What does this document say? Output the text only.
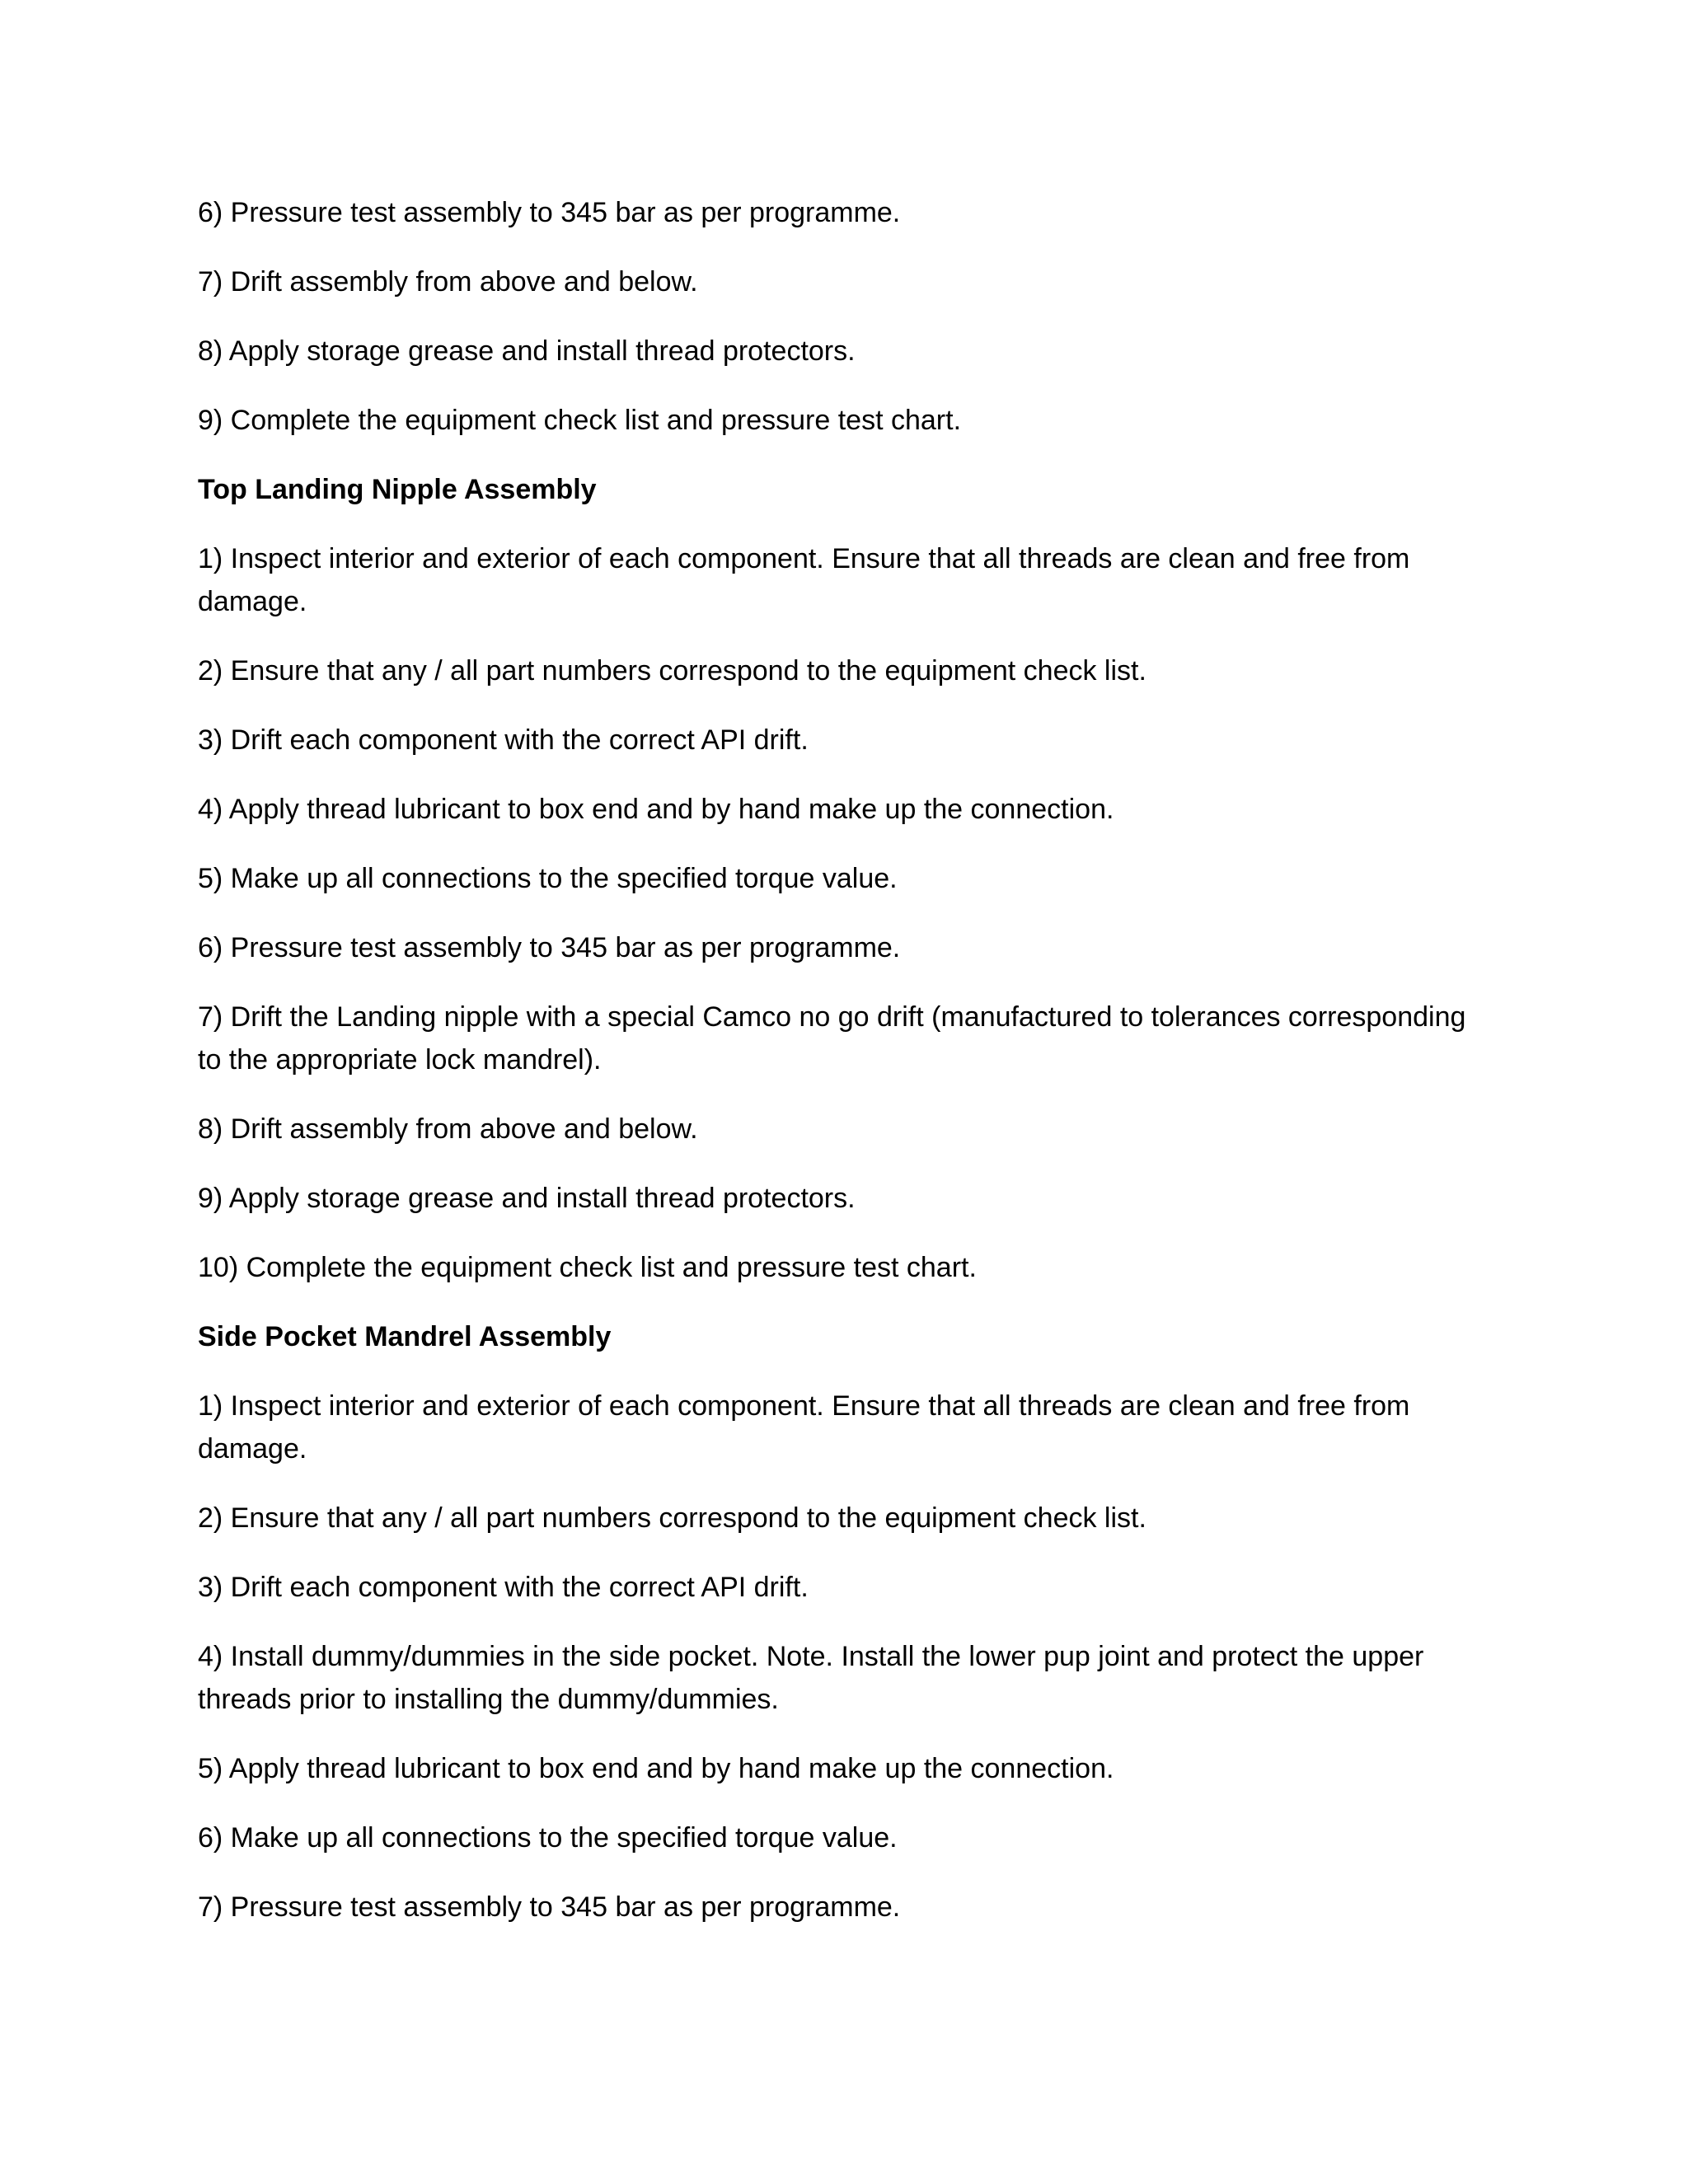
6) Pressure test assembly to 345 bar as per programme.

7) Drift assembly from above and below.

8) Apply storage grease and install thread protectors.

9) Complete the equipment check list and pressure test chart.

Top Landing Nipple Assembly

1) Inspect interior and exterior of each component. Ensure that all threads are clean and free from damage.

2) Ensure that any / all part numbers correspond to the equipment check list.

3) Drift each component with the correct API drift.

4) Apply thread lubricant to box end and by hand make up the connection.

5) Make up all connections to the specified torque value.

6) Pressure test assembly to 345 bar as per programme.

7) Drift the Landing nipple with a special Camco no go drift (manufactured to tolerances corresponding to the appropriate lock mandrel).

8) Drift assembly from above and below.

9) Apply storage grease and install thread protectors.

10) Complete the equipment check list and pressure test chart.

Side Pocket Mandrel Assembly

1) Inspect interior and exterior of each component. Ensure that all threads are clean and free from damage.

2) Ensure that any / all part numbers correspond to the equipment check list.

3) Drift each component with the correct API drift.

4) Install dummy/dummies in the side pocket. Note. Install the lower pup joint and protect the upper threads prior to installing the dummy/dummies.

5) Apply thread lubricant to box end and by hand make up the connection.

6) Make up all connections to the specified torque value.

7) Pressure test assembly to 345 bar as per programme.
